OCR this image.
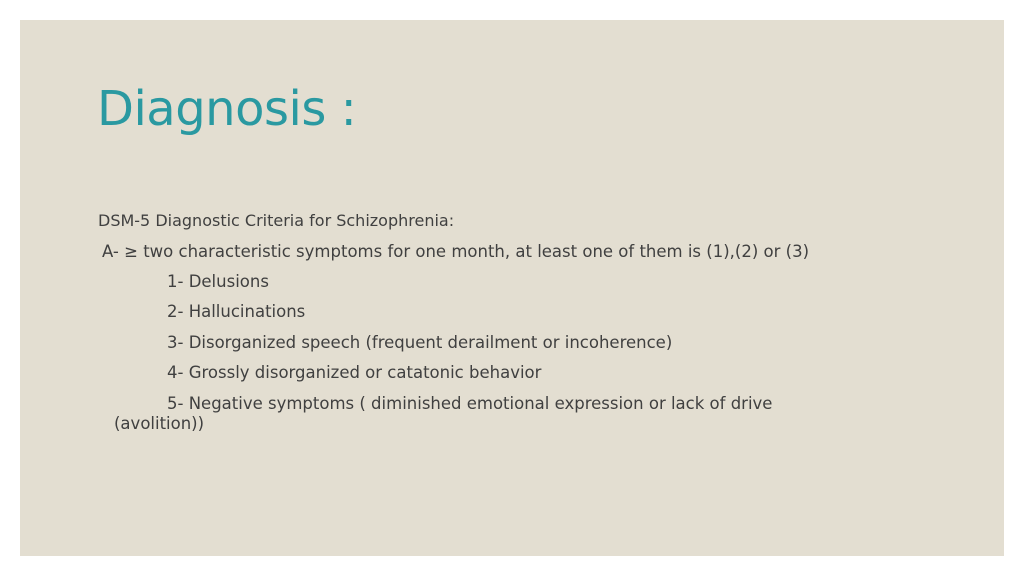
Diagnosis :
DSM-5 Diagnostic Criteria for Schizophrenia:
A- ≥ two characteristic symptoms for one month, at least one of them is (1),(2) or (3)
1- Delusions
2- Hallucinations
3- Disorganized speech (frequent derailment or incoherence)
4- Grossly disorganized or catatonic behavior
5- Negative symptoms ( diminished emotional expression or lack of drive
(avolition))
